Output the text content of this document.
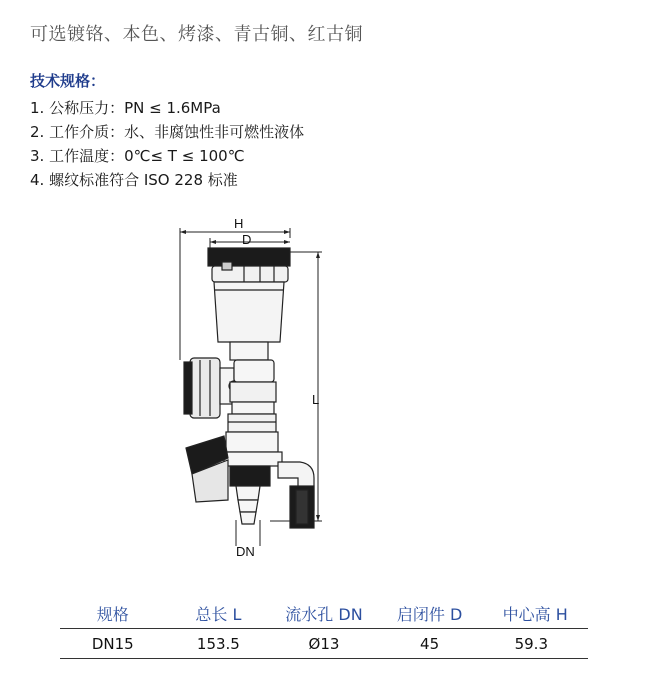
可选镀铬、本色、烤漆、青古铜、红古铜
技术规格：
1. 公称压力：PN ≤ 1.6MPa
2. 工作介质：水、非腐蚀性非可燃性液体
3. 工作温度：0℃≤ T ≤ 100℃
4. 螺纹标准符合 ISO 228 标准
H
D
L
DN
规格	总长 L	流水孔 DN	启闭件 D	中心高 H
DN15	153.5	Ø13	45	59.3
